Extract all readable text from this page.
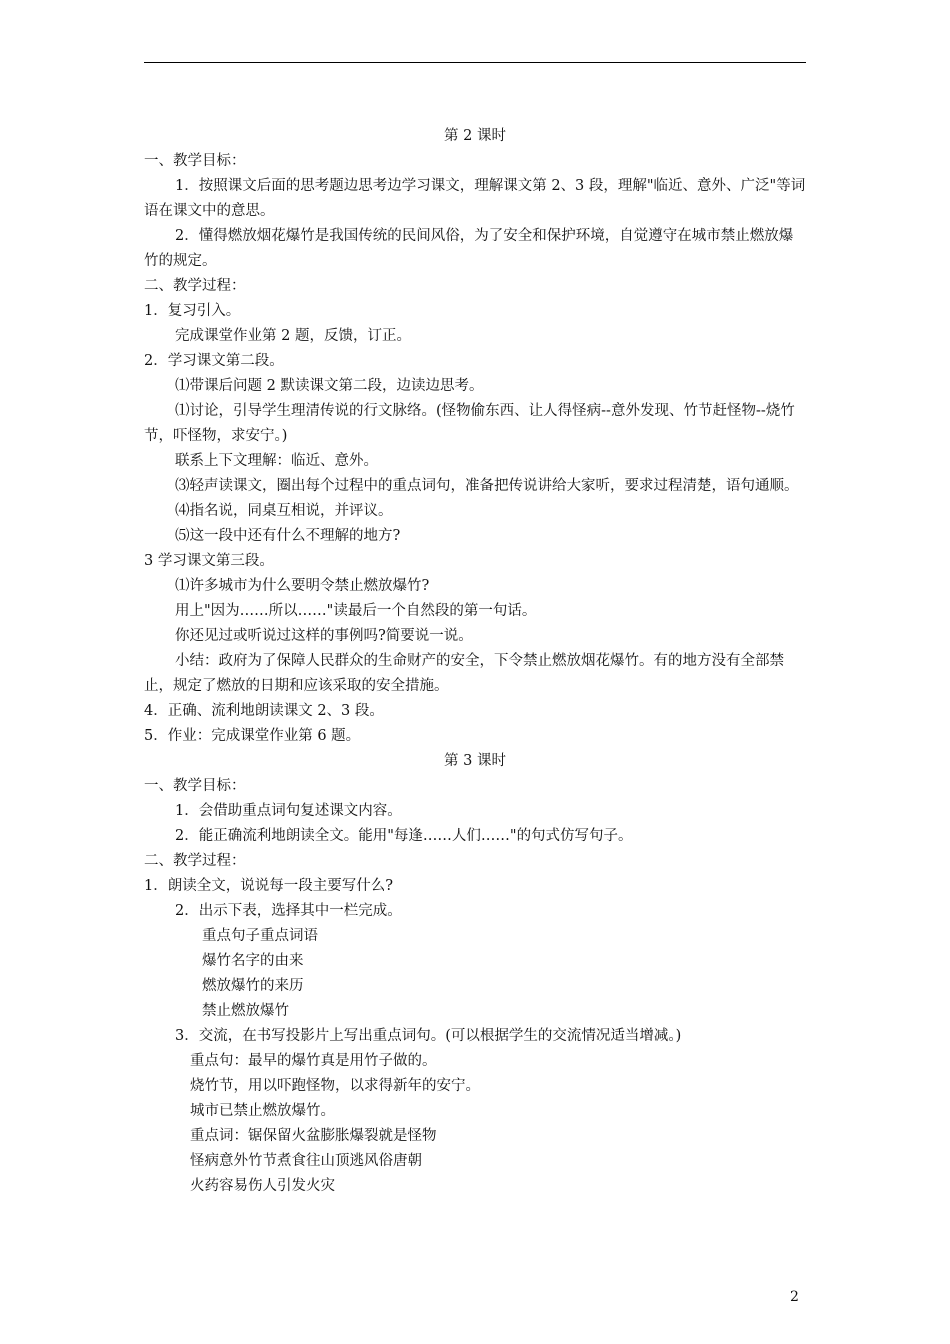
第 2 课时

一、教学目标：

1．按照课文后面的思考题边思考边学习课文，理解课文第 2、3 段，理解"临近、意外、广泛"等词语在课文中的意思。

2．懂得燃放烟花爆竹是我国传统的民间风俗，为了安全和保护环境，自觉遵守在城市禁止燃放爆竹的规定。

二、教学过程：

1．复习引入。

完成课堂作业第 2 题，反馈，订正。

2．学习课文第二段。

⑴带课后问题 2 默读课文第二段，边读边思考。

⑴讨论，引导学生理清传说的行文脉络。(怪物偷东西、让人得怪病--意外发现、竹节赶怪物--烧竹节，吓怪物，求安宁。)

联系上下文理解：临近、意外。

⑶轻声读课文，圈出每个过程中的重点词句，准备把传说讲给大家听，要求过程清楚，语句通顺。

⑷指名说，同桌互相说，并评议。

⑸这一段中还有什么不理解的地方?

3 学习课文第三段。

⑴许多城市为什么要明令禁止燃放爆竹?

用上"因为……所以……"读最后一个自然段的第一句话。

你还见过或听说过这样的事例吗?简要说一说。

小结：政府为了保障人民群众的生命财产的安全，下令禁止燃放烟花爆竹。有的地方没有全部禁止，规定了燃放的日期和应该采取的安全措施。

4．正确、流利地朗读课文 2、3 段。

5．作业：完成课堂作业第 6 题。

第 3 课时

一、教学目标：

1．会借助重点词句复述课文内容。

2．能正确流利地朗读全文。能用"每逢……人们……"的句式仿写句子。

二、教学过程：

1．朗读全文，说说每一段主要写什么?

2．出示下表，选择其中一栏完成。

重点句子重点词语

爆竹名字的由来

燃放爆竹的来历

禁止燃放爆竹

3．交流，在书写投影片上写出重点词句。(可以根据学生的交流情况适当增减。)

重点句：最早的爆竹真是用竹子做的。

烧竹节，用以吓跑怪物，以求得新年的安宁。

城市已禁止燃放爆竹。

重点词：锯保留火盆膨胀爆裂就是怪物

怪病意外竹节煮食往山顶逃风俗唐朝

火药容易伤人引发火灾

2
